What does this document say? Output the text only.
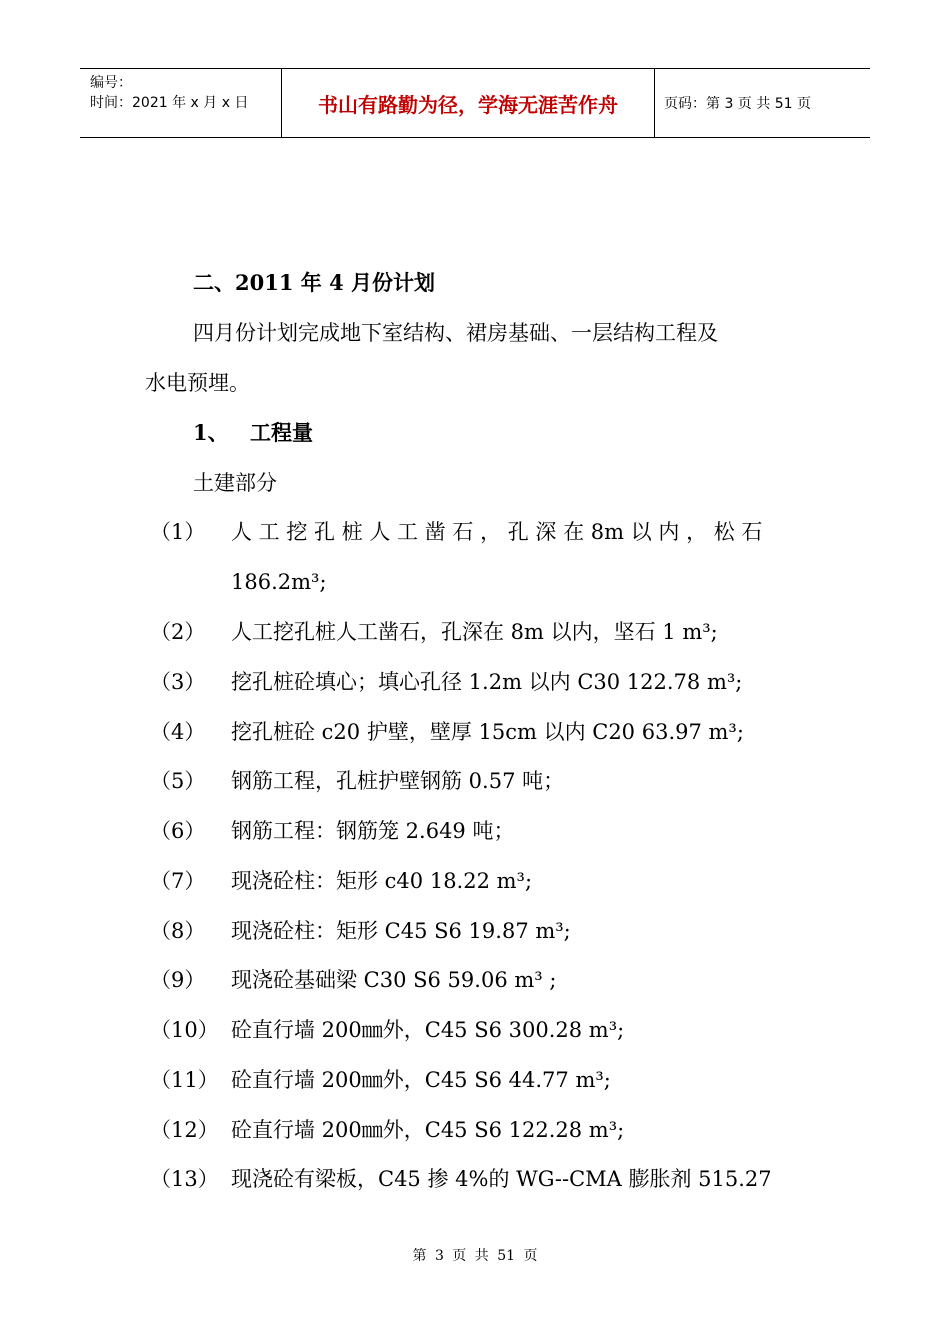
编号：
时间：2021 年 x 月 x 日	书山有路勤为径，学海无涯苦作舟	页码：第 3 页 共 51 页
二、2011 年 4 月份计划
四月份计划完成地下室结构、裙房基础、一层结构工程及
水电预埋。
1、 工程量
土建部分
（1） 人 工 挖 孔 桩 人 工 凿 石 ， 孔 深 在 8m 以 内 ， 松 石
186.2m³;
（2） 人工挖孔桩人工凿石，孔深在 8m 以内，坚石 1 m³;
（3） 挖孔桩砼填心；填心孔径 1.2m 以内 C30 122.78 m³;
（4） 挖孔桩砼 c20 护壁，壁厚 15cm 以内 C20 63.97 m³;
（5） 钢筋工程，孔桩护壁钢筋 0.57 吨；
（6） 钢筋工程：钢筋笼 2.649 吨；
（7） 现浇砼柱：矩形 c40 18.22 m³;
（8） 现浇砼柱：矩形 C45 S6 19.87 m³;
（9） 现浇砼基础梁 C30 S6 59.06 m³ ;
（10） 砼直行墙 200㎜外，C45 S6 300.28 m³;
（11） 砼直行墙 200㎜外，C45 S6 44.77 m³;
（12） 砼直行墙 200㎜外，C45 S6 122.28 m³;
（13） 现浇砼有梁板，C45 掺 4%的 WG--CMA 膨胀剂 515.27
第 3 页 共 51 页
